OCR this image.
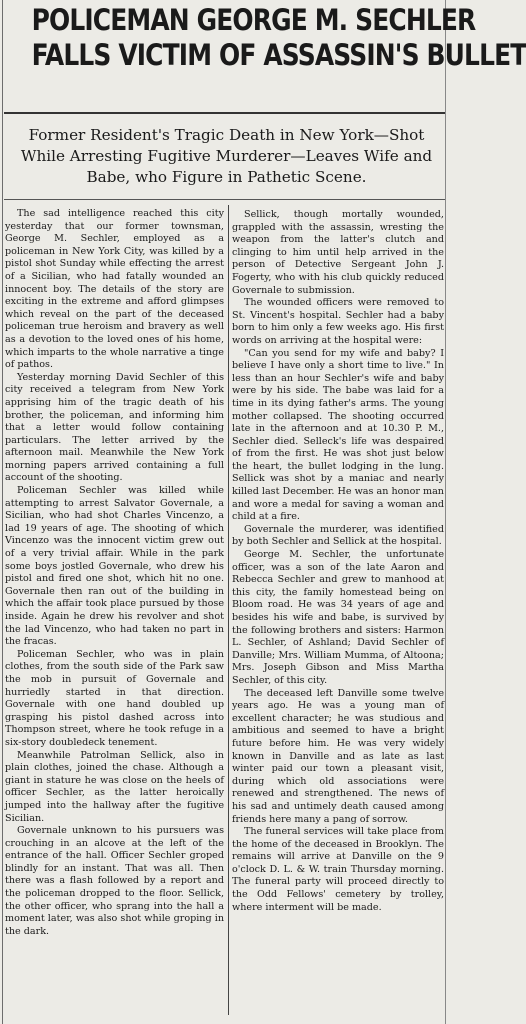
POLICEMAN GEORGE M. SECHLER
FALLS VICTIM OF ASSASSIN'S BULLET
Former Resident's Tragic Death in New York—Shot While Arresting Fugitive Murderer—Leaves Wife and Babe, who Figure in Pathetic Scene.

The sad intelligence reached this city yesterday that our former townsman, George M. Sechler, employed as a policeman in New York City, was killed by a pistol shot Sunday while effecting the arrest of a Sicilian, who had fatally wounded an innocent boy. The details of the story are exciting in the extreme and afford glimpses which reveal on the part of the deceased policeman true heroism and bravery as well as a devotion to the loved ones of his home, which imparts to the whole narrative a tinge of pathos.

Yesterday morning David Sechler of this city received a telegram from New York apprising him of the tragic death of his brother, the policeman, and informing him that a letter would follow containing particulars. The letter arrived by the afternoon mail. Meanwhile the New York morning papers arrived containing a full account of the shooting.

Policeman Sechler was killed while attempting to arrest Salvator Governale, a Sicilian, who had shot Charles Vincenzo, a lad 19 years of age. The shooting of which Vincenzo was the innocent victim grew out of a very trivial affair. While in the park some boys jostled Governale, who drew his pistol and fired one shot, which hit no one. Governale then ran out of the building in which the affair took place pursued by those inside. Again he drew his revolver and shot the lad Vincenzo, who had taken no part in the fracas.

Policeman Sechler, who was in plain clothes, from the south side of the Park saw the mob in pursuit of Governale and hurriedly started in that direction. Governale with one hand doubled up grasping his pistol dashed across into Thompson street, where he took refuge in a six-story doubledeck tenement.

Meanwhile Patrolman Sellick, also in plain clothes, joined the chase. Although a giant in stature he was close on the heels of officer Sechler, as the latter heroically jumped into the hallway after the fugitive Sicilian.

Governale unknown to his pursuers was crouching in an alcove at the left of the entrance of the hall. Officer Sechler groped blindly for an instant. That was all. Then there was a flash followed by a report and the policeman dropped to the floor. Sellick, the other officer, who sprang into the hall a moment later, was also shot while groping in the dark.

Sellick, though mortally wounded, grappled with the assassin, wresting the weapon from the latter's clutch and clinging to him until help arrived in the person of Detective Sergeant John J. Fogerty, who with his club quickly reduced Governale to submission.

The wounded officers were removed to St. Vincent's hospital. Sechler had a baby born to him only a few weeks ago. His first words on arriving at the hospital were:

"Can you send for my wife and baby? I believe I have only a short time to live." In less than an hour Sechler's wife and baby were by his side. The babe was laid for a time in its dying father's arms. The young mother collapsed. The shooting occurred late in the afternoon and at 10.30 P. M., Sechler died. Selleck's life was despaired of from the first. He was shot just below the heart, the bullet lodging in the lung. Sellick was shot by a maniac and nearly killed last December. He was an honor man and wore a medal for saving a woman and child at a fire.

Governale the murderer, was identified by both Sechler and Sellick at the hospital.

George M. Sechler, the unfortunate officer, was a son of the late Aaron and Rebecca Sechler and grew to manhood at this city, the family homestead being on Bloom road. He was 34 years of age and besides his wife and babe, is survived by the following brothers and sisters: Harmon L. Sechler, of Ashland; David Sechler of Danville; Mrs. William Mumma, of Altoona; Mrs. Joseph Gibson and Miss Martha Sechler, of this city.

The deceased left Danville some twelve years ago. He was a young man of excellent character; he was studious and ambitious and seemed to have a bright future before him. He was very widely known in Danville and as late as last winter paid our town a pleasant visit, during which old associations were renewed and strengthened. The news of his sad and untimely death caused among friends here many a pang of sorrow.

The funeral services will take place from the home of the deceased in Brooklyn. The remains will arrive at Danville on the 9 o'clock D. L. & W. train Thursday morning. The funeral party will proceed directly to the Odd Fellows' cemetery by trolley, where interment will be made.
